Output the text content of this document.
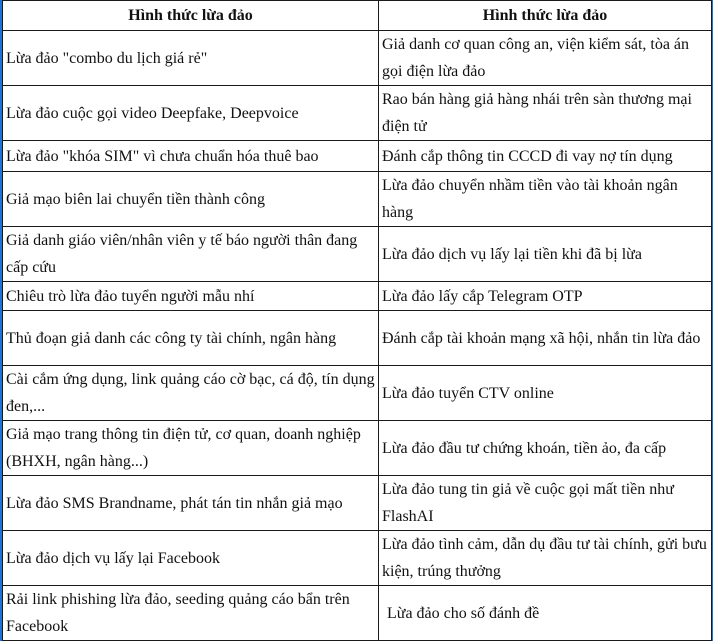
Hình thức lừa đảo	Hình thức lừa đảo
Lừa đảo "combo du lịch giá rẻ"	Giả danh cơ quan công an, viện kiểm sát, tòa án gọi điện lừa đảo
Lừa đảo cuộc gọi video Deepfake, Deepvoice	Rao bán hàng giả hàng nhái trên sàn thương mại điện tử
Lừa đảo "khóa SIM" vì chưa chuẩn hóa thuê bao	Đánh cắp thông tin CCCD đi vay nợ tín dụng
Giả mạo biên lai chuyển tiền thành công	Lừa đảo chuyển nhầm tiền vào tài khoản ngân hàng
Giả danh giáo viên/nhân viên y tế báo người thân đang cấp cứu	Lừa đảo dịch vụ lấy lại tiền khi đã bị lừa
Chiêu trò lừa đảo tuyển người mẫu nhí	Lừa đảo lấy cắp Telegram OTP
Thủ đoạn giả danh các công ty tài chính, ngân hàng	Đánh cắp tài khoản mạng xã hội, nhắn tin lừa đảo
Cài cắm ứng dụng, link quảng cáo cờ bạc, cá độ, tín dụng đen,...	Lừa đảo tuyển CTV online
Giả mạo trang thông tin điện tử, cơ quan, doanh nghiệp (BHXH, ngân hàng...)	Lừa đảo đầu tư chứng khoán, tiền ảo, đa cấp
Lừa đảo SMS Brandname, phát tán tin nhắn giả mạo	Lừa đảo tung tin giả về cuộc gọi mất tiền như FlashAI
Lừa đảo dịch vụ lấy lại Facebook	Lừa đảo tình cảm, dẫn dụ đầu tư tài chính, gửi bưu kiện, trúng thưởng
Rải link phishing lừa đảo, seeding quảng cáo bẩn trên Facebook	Lừa đảo cho số đánh đề
